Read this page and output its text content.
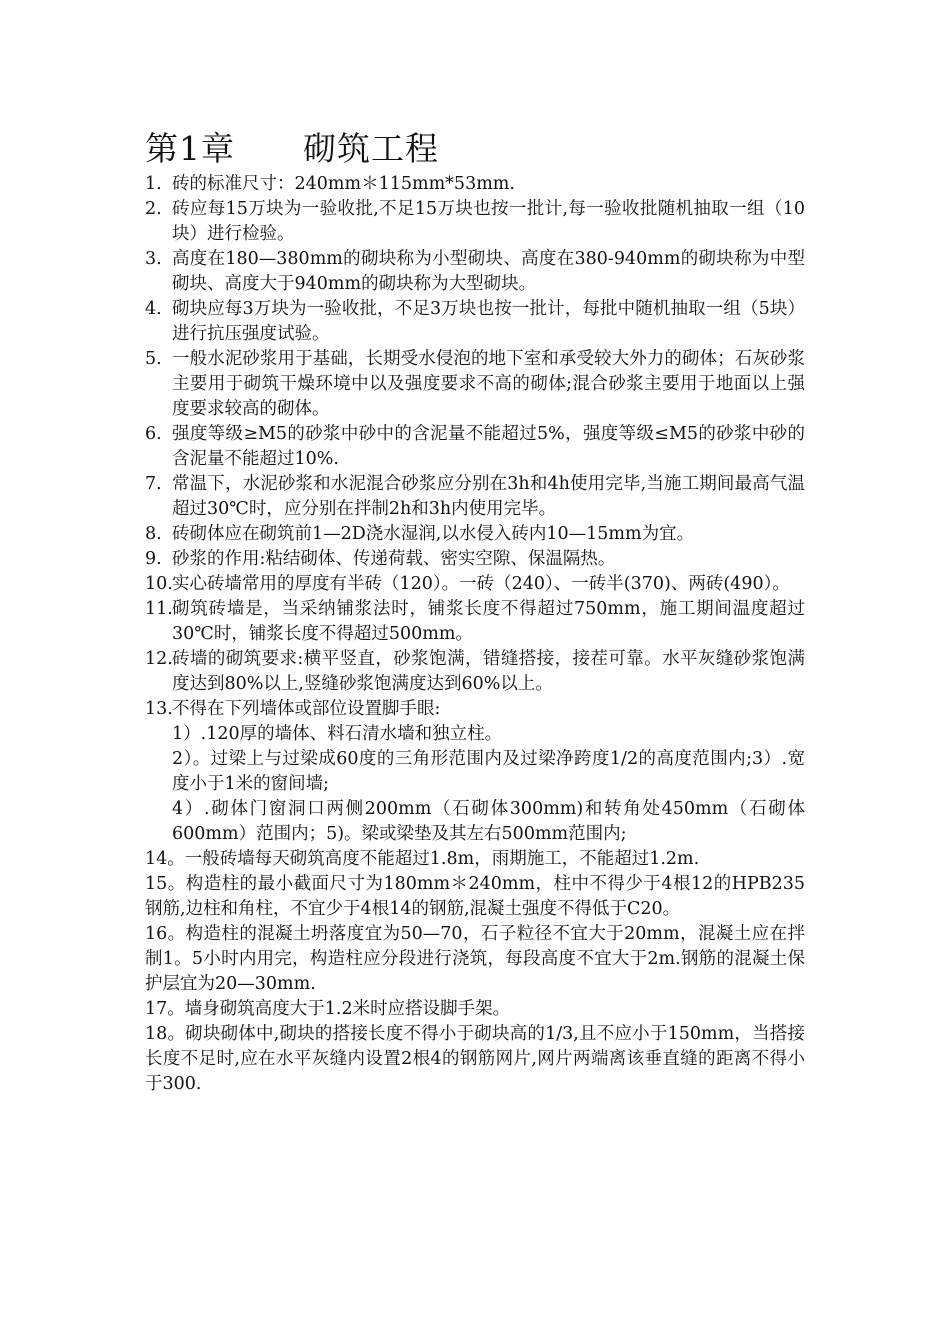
第1章　　砌筑工程
1. 砖的标准尺寸：240mm＊115mm*53mm.
2. 砖应每15万块为一验收批,不足15万块也按一批计,每一验收批随机抽取一组（10块）进行检验。
3. 高度在180—380mm的砌块称为小型砌块、高度在380-940mm的砌块称为中型砌块、高度大于940mm的砌块称为大型砌块。
4. 砌块应每3万块为一验收批，不足3万块也按一批计，每批中随机抽取一组（5块）进行抗压强度试验。
5. 一般水泥砂浆用于基础，长期受水侵泡的地下室和承受较大外力的砌体；石灰砂浆主要用于砌筑干燥环境中以及强度要求不高的砌体;混合砂浆主要用于地面以上强度要求较高的砌体。
6. 强度等级≥M5的砂浆中砂中的含泥量不能超过5%，强度等级≤M5的砂浆中砂的含泥量不能超过10%.
7. 常温下，水泥砂浆和水泥混合砂浆应分别在3h和4h使用完毕,当施工期间最高气温超过30℃时，应分别在拌制2h和3h内使用完毕。
8. 砖砌体应在砌筑前1—2D浇水湿润,以水侵入砖内10—15mm为宜。
9. 砂浆的作用:粘结砌体、传递荷载、密实空隙、保温隔热。
10. 实心砖墙常用的厚度有半砖（120）。一砖（240）、一砖半(370)、两砖(490）。
11. 砌筑砖墙是，当采纳铺浆法时，铺浆长度不得超过750mm，施工期间温度超过30℃时，铺浆长度不得超过500mm。
12. 砖墙的砌筑要求:横平竖直，砂浆饱满，错缝搭接，接茬可靠。水平灰缝砂浆饱满度达到80%以上,竖缝砂浆饱满度达到60%以上。
13. 不得在下列墙体或部位设置脚手眼:
1）.120厚的墙体、料石清水墙和独立柱。
2）。过梁上与过梁成60度的三角形范围内及过梁净跨度1/2的高度范围内;3）.宽度小于1米的窗间墙;
4）.砌体门窗洞口两侧200mm（石砌体300mm)和转角处450mm（石砌体600mm）范围内；5)。梁或梁垫及其左右500mm范围内;
14。一般砖墙每天砌筑高度不能超过1.8m，雨期施工，不能超过1.2m.
15。构造柱的最小截面尺寸为180mm＊240mm，柱中不得少于4根12的HPB235钢筋,边柱和角柱，不宜少于4根14的钢筋,混凝土强度不得低于C20。
16。构造柱的混凝土坍落度宜为50—70，石子粒径不宜大于20mm，混凝土应在拌制1。5小时内用完，构造柱应分段进行浇筑，每段高度不宜大于2m.钢筋的混凝土保护层宜为20—30mm.
17。墙身砌筑高度大于1.2米时应搭设脚手架。
18。砌块砌体中,砌块的搭接长度不得小于砌块高的1/3,且不应小于150mm，当搭接长度不足时,应在水平灰缝内设置2根4的钢筋网片,网片两端离该垂直缝的距离不得小于300.
